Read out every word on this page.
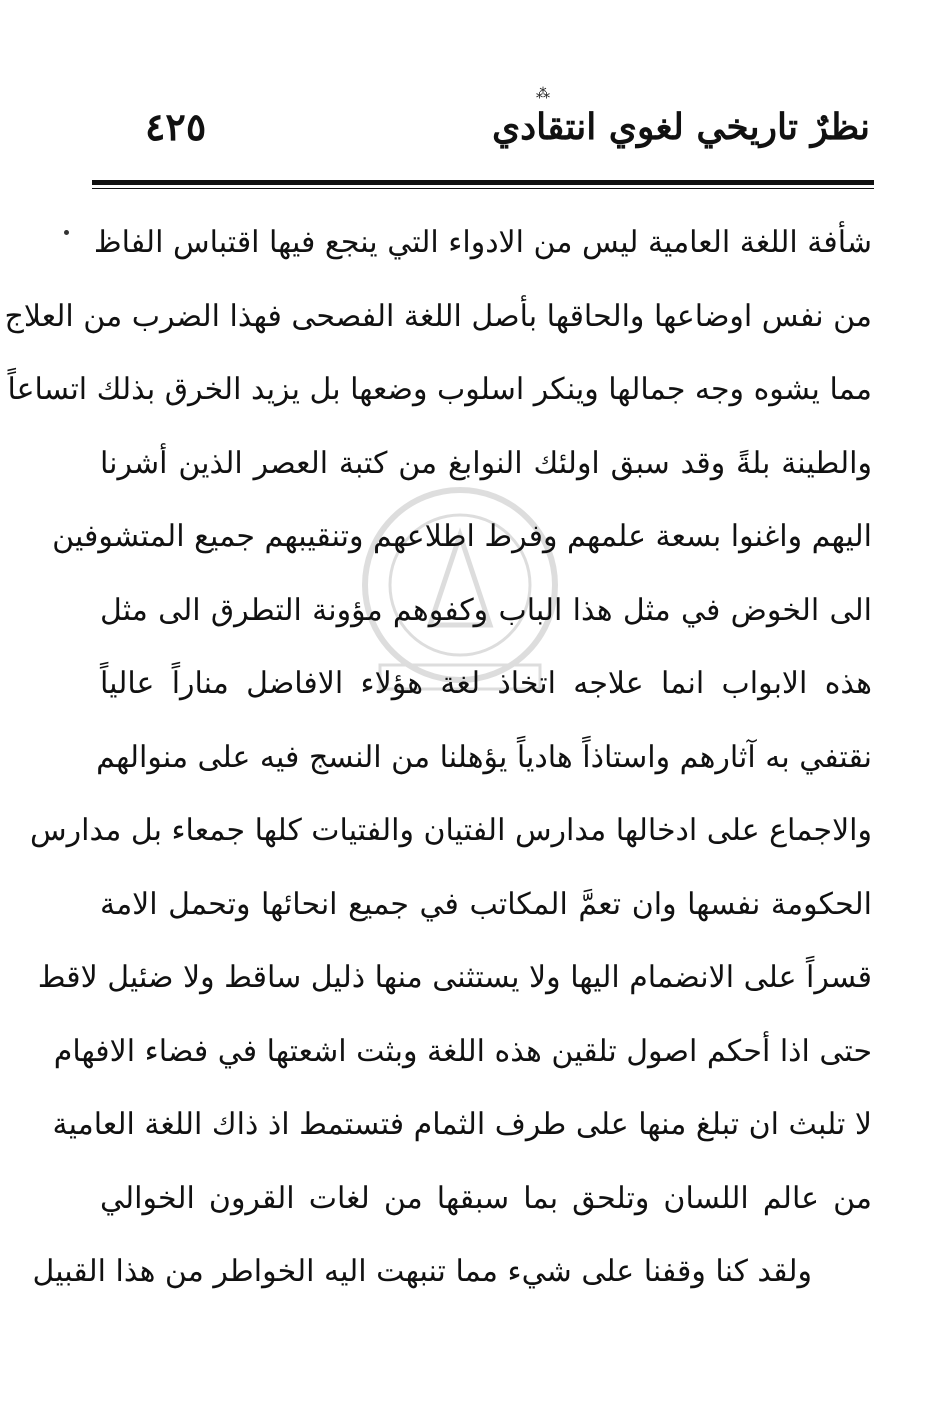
نظرٌ تاريخي لغوي انتقادي
٤٢٥
⁂
شأفة اللغة العامية ليس من الادواء التي ينجع فيها اقتباس الفاظ
من نفس اوضاعها والحاقها بأصل اللغة الفصحى فهذا الضرب من العلاج
مما يشوه وجه جمالها وينكر اسلوب وضعها بل يزيد الخرق بذلك اتساعاً
والطينة بلةً وقد سبق اولئك النوابغ من كتبة العصر الذين أشرنا
اليهم واغنوا بسعة علمهم وفرط اطلاعهم وتنقيبهم جميع المتشوفين
الى الخوض في مثل هذا الباب وكفوهم مؤونة التطرق الى مثل
هذه الابواب انما علاجه اتخاذ لغة هؤلاء الافاضل مناراً عالياً
نقتفي به آثارهم واستاذاً هادياً يؤهلنا من النسج فيه على منوالهم
والاجماع على ادخالها مدارس الفتيان والفتيات كلها جمعاء بل مدارس
الحكومة نفسها وان تعمَّ المكاتب في جميع انحائها وتحمل الامة
قسراً على الانضمام اليها ولا يستثنى منها ذليل ساقط ولا ضئيل لاقط
حتى اذا أحكم اصول تلقين هذه اللغة وبثت اشعتها في فضاء الافهام
لا تلبث ان تبلغ منها على طرف الثمام فتستمط اذ ذاك اللغة العامية
من عالم اللسان وتلحق بما سبقها من لغات القرون الخوالي
ولقد كنا وقفنا على شيء مما تنبهت اليه الخواطر من هذا القبيل
